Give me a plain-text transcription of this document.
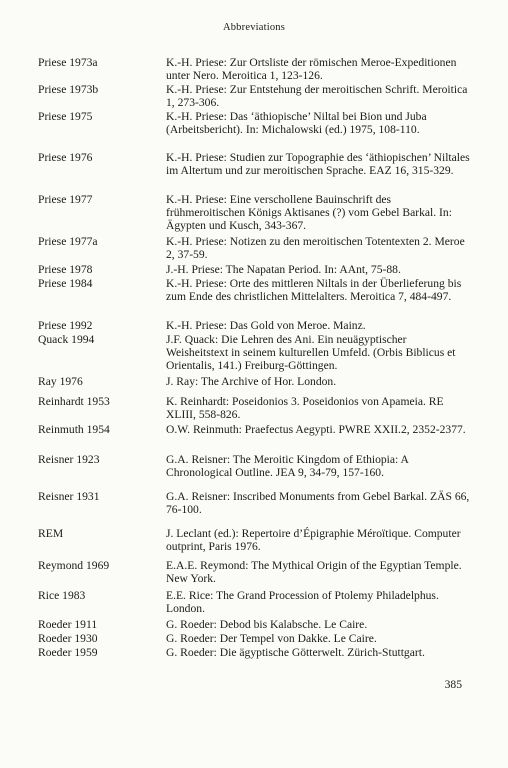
Abbreviations
Priese 1973a	K.-H. Priese: Zur Ortsliste der römischen Meroe-Expeditionen unter Nero. Meroitica 1, 123-126.
Priese 1973b	K.-H. Priese: Zur Entstehung der meroitischen Schrift. Meroitica 1, 273-306.
Priese 1975	K.-H. Priese: Das ‘äthiopische’ Niltal bei Bion und Juba (Arbeitsbericht). In: Michalowski (ed.) 1975, 108-110.
Priese 1976	K.-H. Priese: Studien zur Topographie des ‘äthiopischen’ Niltales im Altertum und zur meroitischen Sprache. EAZ 16, 315-329.
Priese 1977	K.-H. Priese: Eine verschollene Bauinschrift des frühmeroitischen Königs Aktisanes (?) vom Gebel Barkal. In: Ägypten und Kusch, 343-367.
Priese 1977a	K.-H. Priese: Notizen zu den meroitischen Totentexten 2. Meroe 2, 37-59.
Priese 1978	J.-H. Priese: The Napatan Period. In: AAnt, 75-88.
Priese 1984	K.-H. Priese: Orte des mittleren Niltals in der Überlieferung bis zum Ende des christlichen Mittelalters. Meroitica 7, 484-497.
Priese 1992	K.-H. Priese: Das Gold von Meroe. Mainz.
Quack 1994	J.F. Quack: Die Lehren des Ani. Ein neuägyptischer Weisheitstext in seinem kulturellen Umfeld. (Orbis Biblicus et Orientalis, 141.) Freiburg-Göttingen.
Ray 1976	J. Ray: The Archive of Hor. London.
Reinhardt 1953	K. Reinhardt: Poseidonios 3. Poseidonios von Apameia. RE XLIII, 558-826.
Reinmuth 1954	O.W. Reinmuth: Praefectus Aegypti. PWRE XXII.2, 2352-2377.
Reisner 1923	G.A. Reisner: The Meroitic Kingdom of Ethiopia: A Chronological Outline. JEA 9, 34-79, 157-160.
Reisner 1931	G.A. Reisner: Inscribed Monuments from Gebel Barkal. ZÄS 66, 76-100.
REM	J. Leclant (ed.): Repertoire d’Épigraphie Méroïtique. Computer outprint, Paris 1976.
Reymond 1969	E.A.E. Reymond: The Mythical Origin of the Egyptian Temple. New York.
Rice 1983	E.E. Rice: The Grand Procession of Ptolemy Philadelphus. London.
Roeder 1911	G. Roeder: Debod bis Kalabsche. Le Caire.
Roeder 1930	G. Roeder: Der Tempel von Dakke. Le Caire.
Roeder 1959	G. Roeder: Die ägyptische Götterwelt. Zürich-Stuttgart.
385
